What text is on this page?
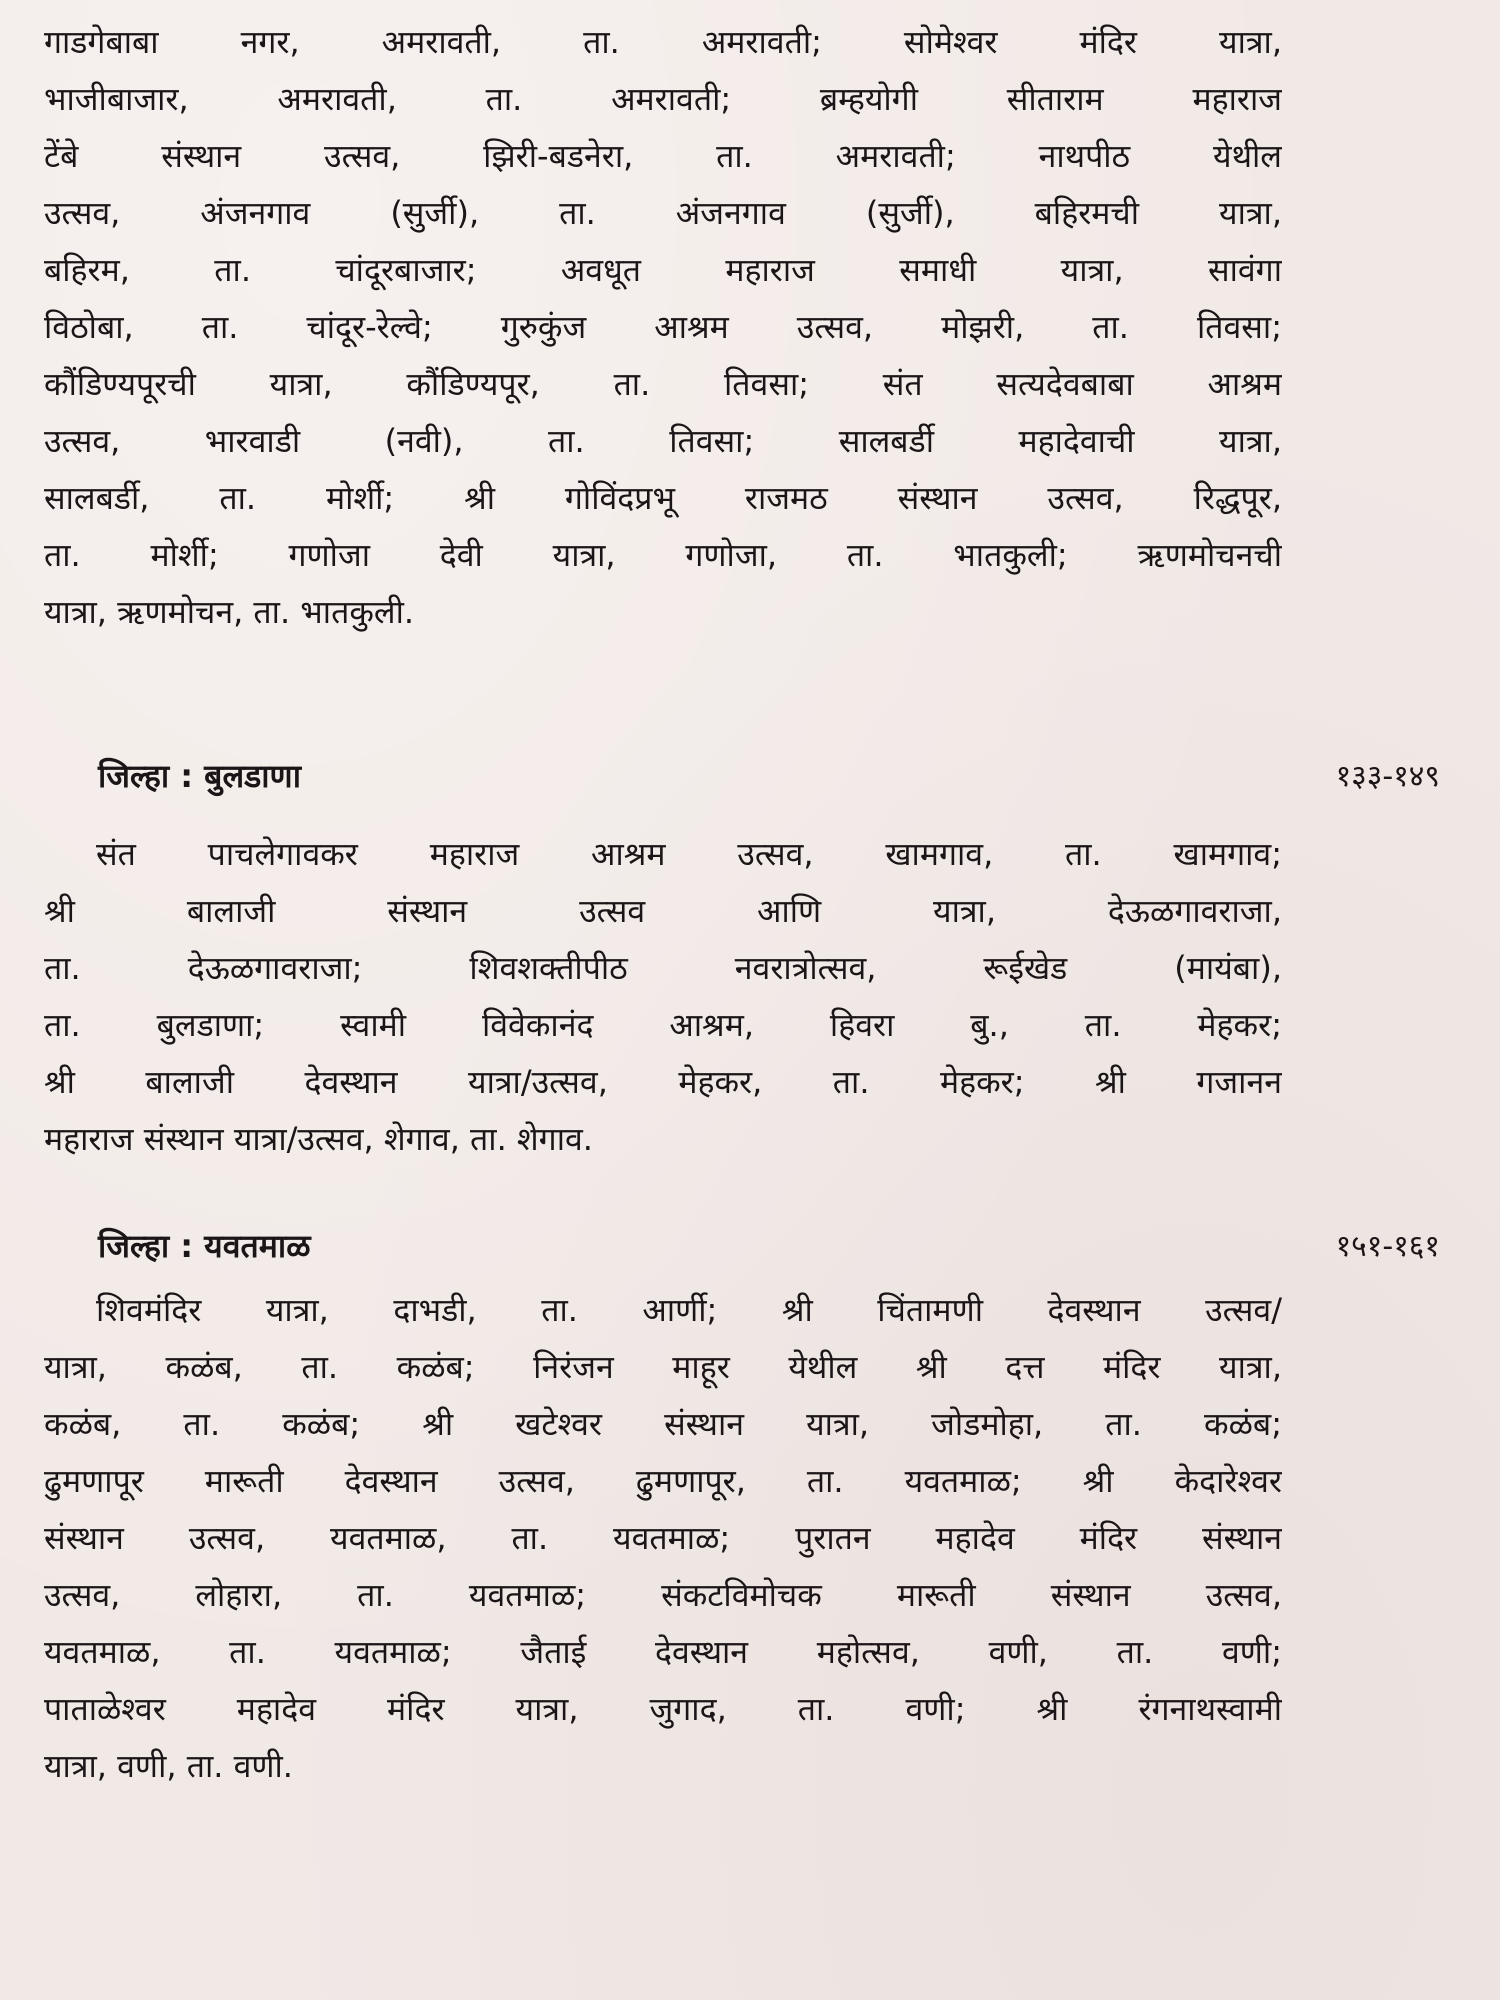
गाडगेबाबा नगर, अमरावती, ता. अमरावती; सोमेश्वर मंदिर यात्रा,
भाजीबाजार, अमरावती, ता. अमरावती; ब्रम्हयोगी सीताराम महाराज
टेंबे संस्थान उत्सव, झिरी-बडनेरा, ता. अमरावती; नाथपीठ येथील
उत्सव, अंजनगाव (सुर्जी), ता. अंजनगाव (सुर्जी), बहिरमची यात्रा,
बहिरम, ता. चांदूरबाजार; अवधूत महाराज समाधी यात्रा, सावंगा
विठोबा, ता. चांदूर-रेल्वे; गुरुकुंज आश्रम उत्सव, मोझरी, ता. तिवसा;
कौंडिण्यपूरची यात्रा, कौंडिण्यपूर, ता. तिवसा; संत सत्यदेवबाबा आश्रम
उत्सव, भारवाडी (नवी), ता. तिवसा; सालबर्डी महादेवाची यात्रा,
सालबर्डी, ता. मोर्शी; श्री गोविंदप्रभू राजमठ संस्थान उत्सव, रिद्धपूर,
ता. मोर्शी; गणोजा देवी यात्रा, गणोजा, ता. भातकुली; ऋणमोचनची
यात्रा, ऋणमोचन, ता. भातकुली.
जिल्हा : बुलडाणा	१३३-१४९
संत पाचलेगावकर महाराज आश्रम उत्सव, खामगाव, ता. खामगाव;
श्री बालाजी संस्थान उत्सव आणि यात्रा, देऊळगावराजा,
ता. देऊळगावराजा; शिवशक्तीपीठ नवरात्रोत्सव, रूईखेड (मायंबा),
ता. बुलडाणा; स्वामी विवेकानंद आश्रम, हिवरा बु., ता. मेहकर;
श्री बालाजी देवस्थान यात्रा/उत्सव, मेहकर, ता. मेहकर; श्री गजानन
महाराज संस्थान यात्रा/उत्सव, शेगाव, ता. शेगाव.
जिल्हा : यवतमाळ	१५१-१६१
शिवमंदिर यात्रा, दाभडी, ता. आर्णी; श्री चिंतामणी देवस्थान उत्सव/
यात्रा, कळंब, ता. कळंब; निरंजन माहूर येथील श्री दत्त मंदिर यात्रा,
कळंब, ता. कळंब; श्री खटेश्वर संस्थान यात्रा, जोडमोहा, ता. कळंब;
ढुमणापूर मारूती देवस्थान उत्सव, ढुमणापूर, ता. यवतमाळ; श्री केदारेश्वर
संस्थान उत्सव, यवतमाळ, ता. यवतमाळ; पुरातन महादेव मंदिर संस्थान
उत्सव, लोहारा, ता. यवतमाळ; संकटविमोचक मारूती संस्थान उत्सव,
यवतमाळ, ता. यवतमाळ; जैताई देवस्थान महोत्सव, वणी, ता. वणी;
पाताळेश्वर महादेव मंदिर यात्रा, जुगाद, ता. वणी; श्री रंगनाथस्वामी
यात्रा, वणी, ता. वणी.
